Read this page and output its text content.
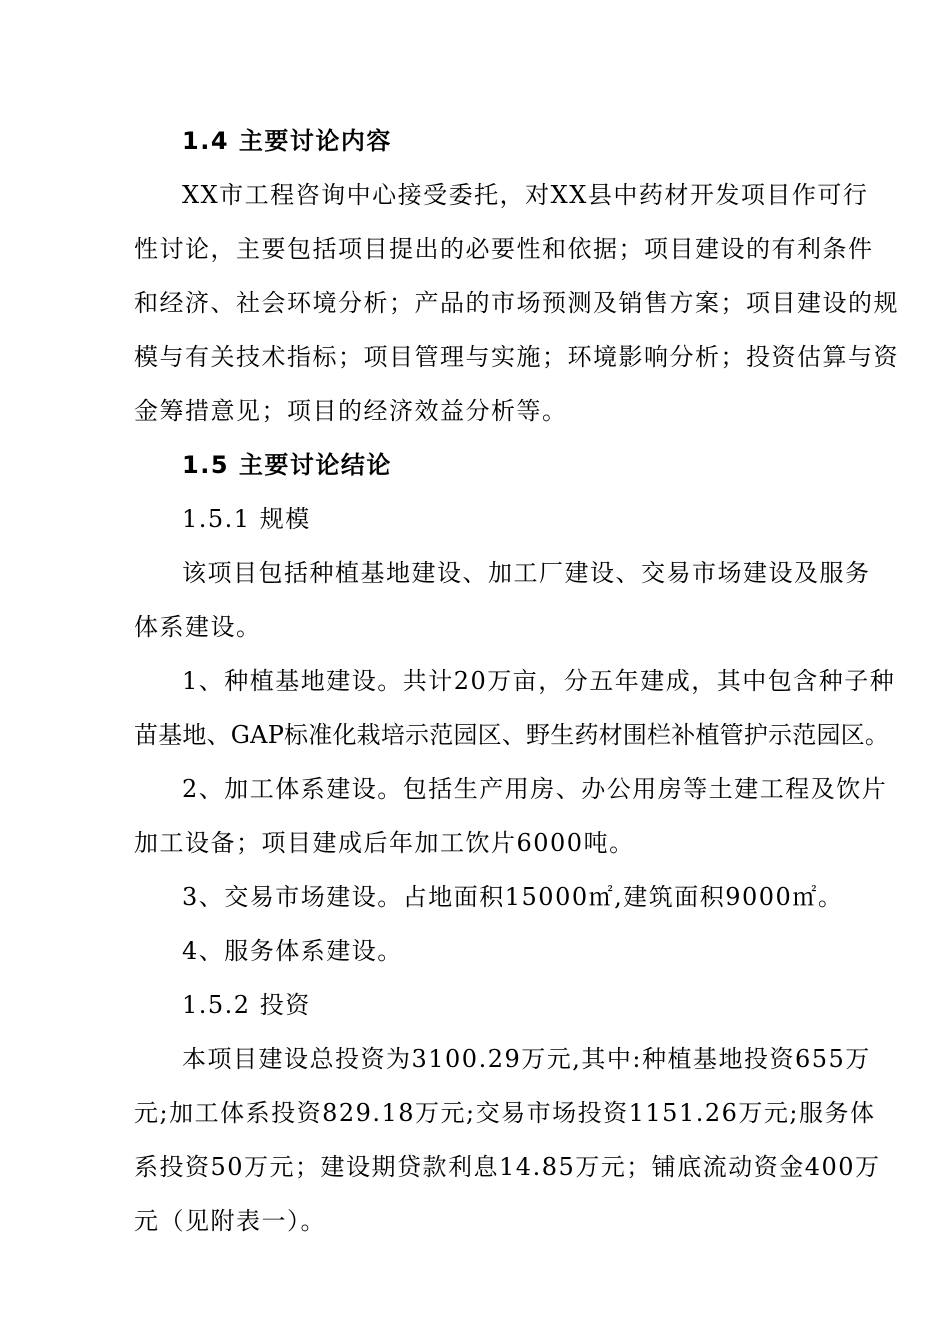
1.4 主要讨论内容
XX市工程咨询中心接受委托，对XX县中药材开发项目作可行
性讨论，主要包括项目提出的必要性和依据；项目建设的有利条件
和经济、社会环境分析；产品的市场预测及销售方案；项目建设的规
模与有关技术指标；项目管理与实施；环境影响分析；投资估算与资
金筹措意见；项目的经济效益分析等。
1.5 主要讨论结论
1.5.1 规模
该项目包括种植基地建设、加工厂建设、交易市场建设及服务
体系建设。
1、种植基地建设。共计20万亩，分五年建成，其中包含种子种
苗基地、GAP标准化栽培示范园区、野生药材围栏补植管护示范园区。
2、加工体系建设。包括生产用房、办公用房等土建工程及饮片
加工设备；项目建成后年加工饮片6000吨。
3、交易市场建设。占地面积15000㎡,建筑面积9000㎡。
4、服务体系建设。
1.5.2 投资
本项目建设总投资为3100.29万元,其中:种植基地投资655万
元;加工体系投资829.18万元;交易市场投资1151.26万元;服务体
系投资50万元；建设期贷款利息14.85万元；铺底流动资金400万
元（见附表一）。
